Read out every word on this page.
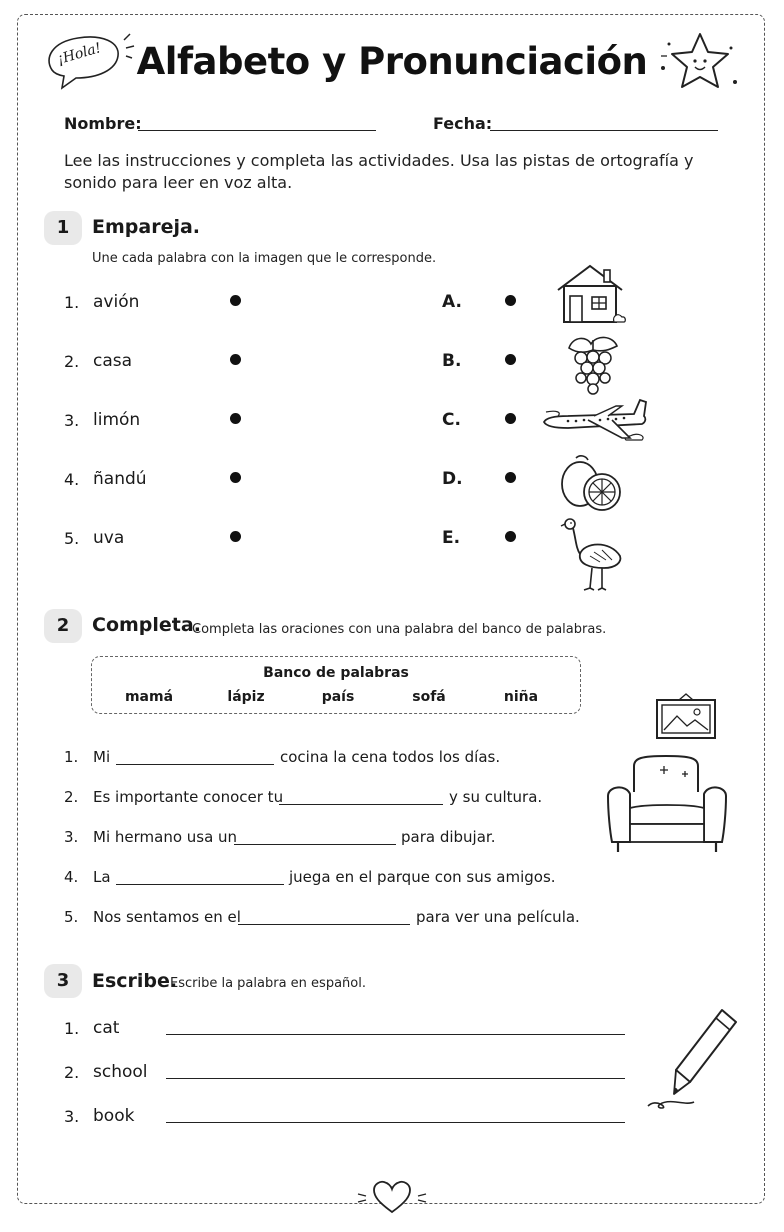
¡Hola! Alfabeto y Pronunciación
Nombre:	Fecha:
Lee las instrucciones y completa las actividades. Usa las pistas de ortografía y sonido para leer en voz alta.
1	Empareja.
Une cada palabra con la imagen que le corresponde.
1. avión	A.
2. casa	B.
3. limón	C.
4. ñandú	D.
5. uva	E.
2	Completa.
Completa las oraciones con una palabra del banco de palabras.
Banco de palabras
mamá	lápiz	país	sofá	niña
1. Mi	cocina la cena todos los días.
2. Es importante conocer tu	y su cultura.
3. Mi hermano usa un	para dibujar.
4. La	juega en el parque con sus amigos.
5. Nos sentamos en el	para ver una película.
3	Escribe.
Escribe la palabra en español.
1. cat
2. school
3. book
